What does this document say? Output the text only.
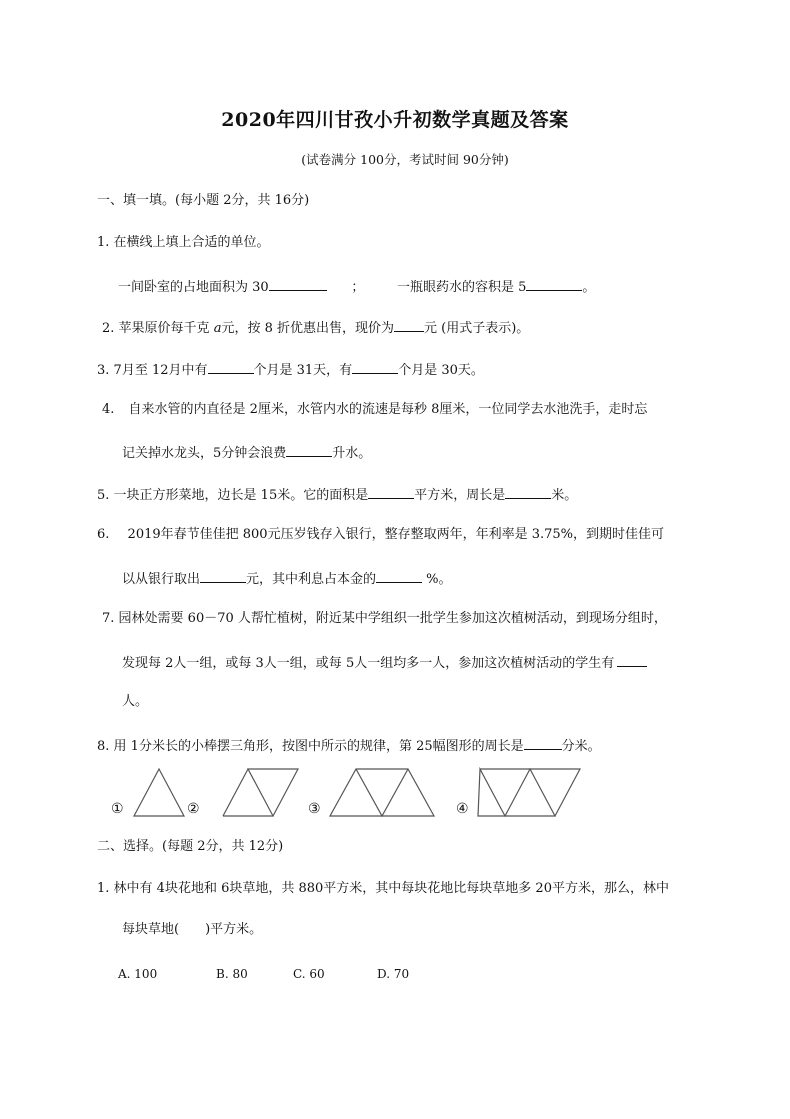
2020年四川甘孜小升初数学真题及答案
(试卷满分 100分，考试时间 90分钟)
一、填一填。(每小题 2分，共 16分)
1. 在横线上填上合适的单位。
一间卧室的占地面积为 30	；	一瓶眼药水的容积是 5	。
2. 苹果原价每千克 a元，按 8 折优惠出售，现价为 元 (用式子表示)。
3. 7月至 12月中有	个月是 31天，有	个月是 30天。
4. 自来水管的内直径是 2厘米，水管内水的流速是每秒 8厘米，一位同学去水池洗手，走时忘
记关掉水龙头，5分钟会浪费	升水。
5. 一块正方形菜地，边长是 15米。它的面积是	平方米，周长是	米。
6. 2019年春节佳佳把 800元压岁钱存入银行，整存整取两年，年利率是 3.75%，到期时佳佳可
以从银行取出	元，其中利息占本金的	%。
7. 园林处需要 60－70 人帮忙植树，附近某中学组织一批学生参加这次植树活动，到现场分组时，
发现每 2人一组，或每 3人一组，或每 5人一组均多一人，参加这次植树活动的学生有
人。
8. 用 1分米长的小棒摆三角形，按图中所示的规律，第 25幅图形的周长是	分米。
①	②	③	④
二、选择。(每题 2分，共 12分)
1. 林中有 4块花地和 6块草地，共 880平方米，其中每块花地比每块草地多 20平方米，那么，林中
每块草地(　　)平方米。
A. 100	B. 80	C. 60	D. 70
